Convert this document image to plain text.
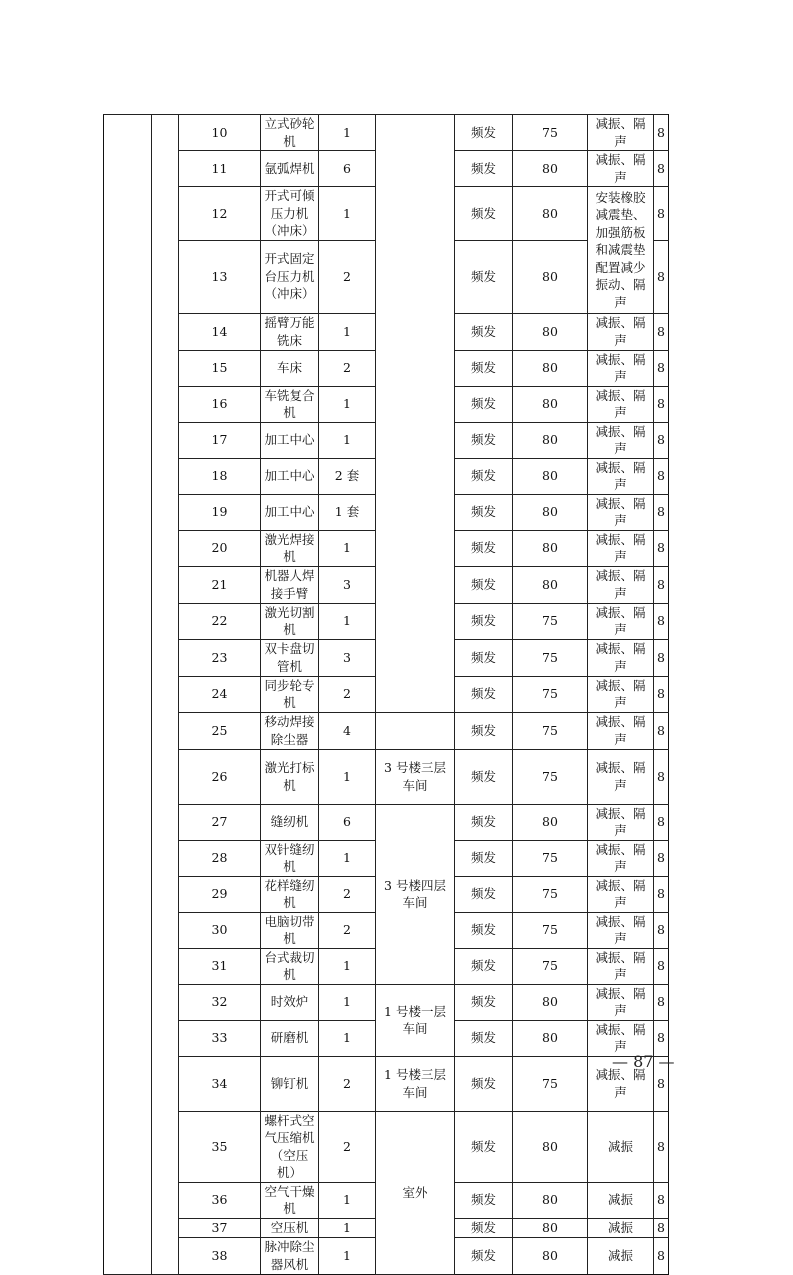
		10	立式砂轮机	1		频发	75	减振、隔声	8
		11	氩弧焊机	6		频发	80	减振、隔声	8
		12	开式可倾压力机（冲床）	1		频发	80	安装橡胶减震垫、加强筋板和减震垫配置减少振动、隔声	8
		13	开式固定台压力机（冲床）	2		频发	80		8
		14	摇臂万能铣床	1		频发	80	减振、隔声	8
		15	车床	2		频发	80	减振、隔声	8
		16	车铣复合机	1		频发	80	减振、隔声	8
		17	加工中心	1		频发	80	减振、隔声	8
		18	加工中心	2 套		频发	80	减振、隔声	8
		19	加工中心	1 套		频发	80	减振、隔声	8
		20	激光焊接机	1		频发	80	减振、隔声	8
		21	机器人焊接手臂	3		频发	80	减振、隔声	8
		22	激光切割机	1		频发	75	减振、隔声	8
		23	双卡盘切管机	3		频发	75	减振、隔声	8
		24	同步轮专机	2		频发	75	减振、隔声	8
		25	移动焊接除尘器	4		频发	75	减振、隔声	8
		26	激光打标机	1	3 号楼三层车间	频发	75	减振、隔声	8
		27	缝纫机	6	3 号楼四层车间	频发	80	减振、隔声	8
		28	双针缝纫机	1		频发	75	减振、隔声	8
		29	花样缝纫机	2		频发	75	减振、隔声	8
		30	电脑切带机	2		频发	75	减振、隔声	8
		31	台式裁切机	1		频发	75	减振、隔声	8
		32	时效炉	1	1 号楼一层车间	频发	80	减振、隔声	8
		33	研磨机	1		频发	80	减振、隔声	8
		34	铆钉机	2	1 号楼三层车间	频发	75	减振、隔声	8
		35	螺杆式空气压缩机（空压机）	2	室外	频发	80	减振	8
		36	空气干燥机	1		频发	80	减振	8
		37	空压机	1		频发	80	减振	8
		38	脉冲除尘器风机	1		频发	80	减振	8
— 87 —
